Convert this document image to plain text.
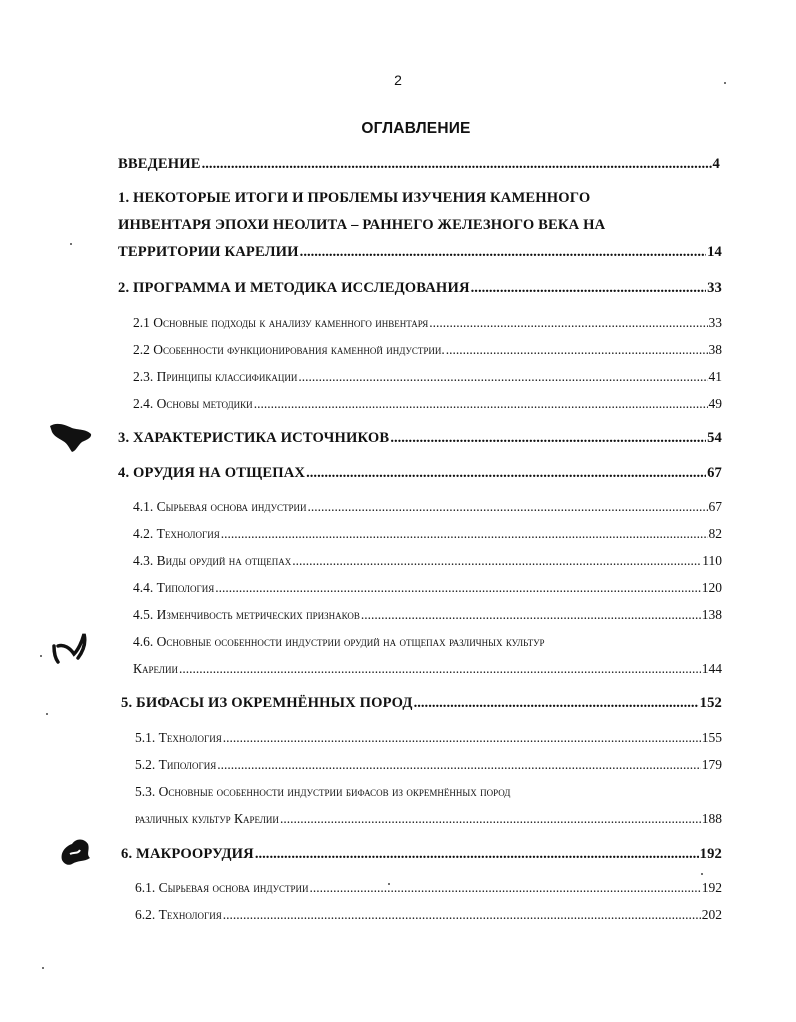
2
ОГЛАВЛЕНИЕ
ВВЕДЕНИЕ .....	4
1. НЕКОТОРЫЕ ИТОГИ И ПРОБЛЕМЫ ИЗУЧЕНИЯ КАМЕННОГО
ИНВЕНТАРЯ ЭПОХИ НЕОЛИТА – РАННЕГО ЖЕЛЕЗНОГО ВЕКА НА
ТЕРРИТОРИИ КАРЕЛИИ .....	14
2. ПРОГРАММА И МЕТОДИКА ИССЛЕДОВАНИЯ .....	33
2.1 Основные подходы к анализу каменного инвентаря .....	33
2.2 Особенности функционирования каменной индустрии. .....	38
2.3. Принципы классификации .....	41
2.4. Основы методики .....	49
3. ХАРАКТЕРИСТИКА ИСТОЧНИКОВ .....	54
4. ОРУДИЯ НА ОТЩЕПАХ .....	67
4.1. Сырьевая основа индустрии .....	67
4.2. Технология .....	82
4.3. Виды орудий на отщепах .....	110
4.4. Типология .....	120
4.5. Изменчивость метрических признаков .....	138
4.6. Основные особенности индустрии орудий на отщепах различных культур
Карелии .....	144
5. БИФАСЫ ИЗ ОКРЕМНЁННЫХ ПОРОД .....	152
5.1. Технология .....	155
5.2. Типология .....	179
5.3. Основные особенности индустрии бифасов из окремнённых пород
различных культур Карелии .....	188
6. МАКРООРУДИЯ .....	192
6.1. Сырьевая основа индустрии .....	192
6.2. Технология .....	202
